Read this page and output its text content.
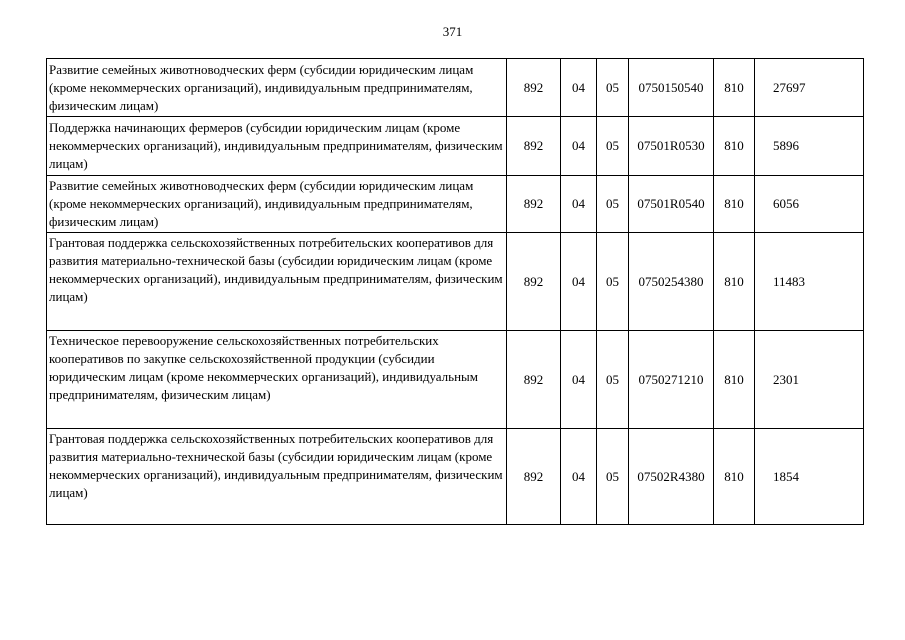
371
Развитие семейных животноводческих ферм (субсидии юридическим лицам (кроме некоммерческих организаций), индивидуальным предпринимателям, физическим лицам)	892	04	05	0750150540	810	27697
Поддержка начинающих фермеров (субсидии юридическим лицам (кроме некоммерческих организаций), индивидуальным предпринимателям, физическим лицам)	892	04	05	07501R0530	810	5896
Развитие семейных животноводческих ферм (субсидии юридическим лицам (кроме некоммерческих организаций), индивидуальным предпринимателям, физическим лицам)	892	04	05	07501R0540	810	6056
Грантовая поддержка сельскохозяйственных потребительских кооперативов для развития материально-технической базы (субсидии юридическим лицам (кроме некоммерческих организаций), индивидуальным предпринимателям, физическим лицам)	892	04	05	0750254380	810	11483
Техническое перевооружение сельскохозяйственных потребительских кооперативов по закупке сельскохозяйственной продукции (субсидии юридическим лицам (кроме некоммерческих организаций), индивидуальным предпринимателям, физическим лицам)	892	04	05	0750271210	810	2301
Грантовая поддержка сельскохозяйственных потребительских кооперативов для развития материально-технической базы (субсидии юридическим лицам (кроме некоммерческих организаций), индивидуальным предпринимателям, физическим лицам)	892	04	05	07502R4380	810	1854
